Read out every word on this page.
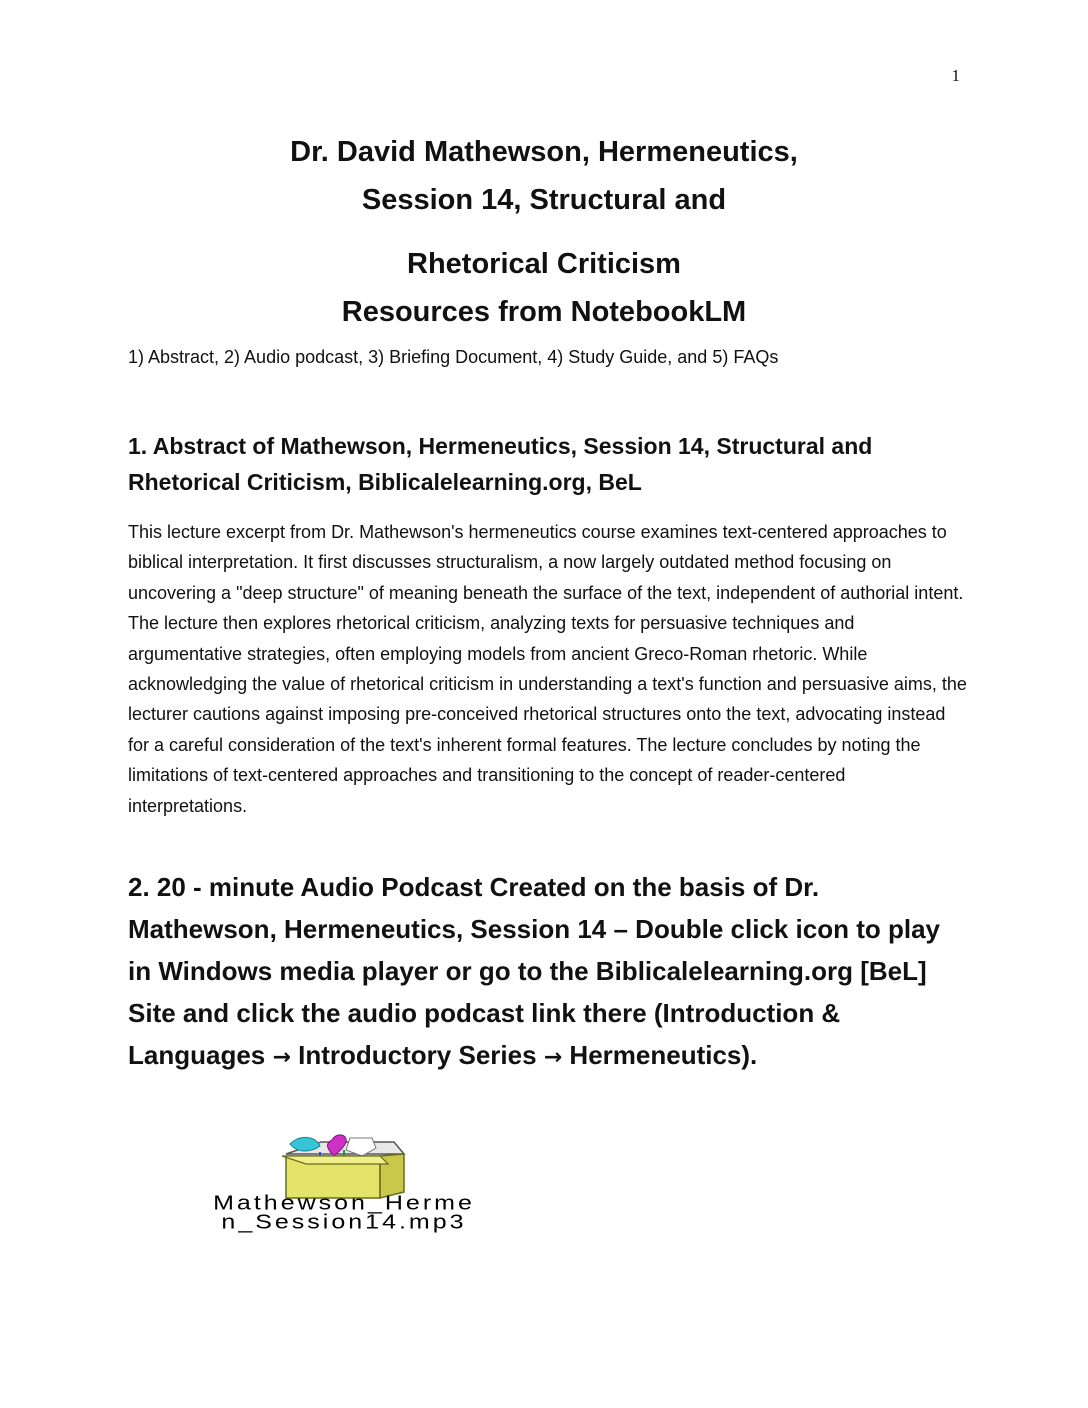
1
Dr. David Mathewson, Hermeneutics,
Session 14, Structural and
Rhetorical Criticism
Resources from NotebookLM
1) Abstract, 2) Audio podcast, 3) Briefing Document, 4) Study Guide, and 5) FAQs
1. Abstract of Mathewson, Hermeneutics, Session 14, Structural and Rhetorical Criticism, Biblicalelearning.org, BeL
This lecture excerpt from Dr. Mathewson's hermeneutics course examines text-centered approaches to biblical interpretation. It first discusses structuralism, a now largely outdated method focusing on uncovering a "deep structure" of meaning beneath the surface of the text, independent of authorial intent. The lecture then explores rhetorical criticism, analyzing texts for persuasive techniques and argumentative strategies, often employing models from ancient Greco-Roman rhetoric. While acknowledging the value of rhetorical criticism in understanding a text's function and persuasive aims, the lecturer cautions against imposing pre-conceived rhetorical structures onto the text, advocating instead for a careful consideration of the text's inherent formal features. The lecture concludes by noting the limitations of text-centered approaches and transitioning to the concept of reader-centered interpretations.
2. 20 - minute Audio Podcast Created on the basis of Dr. Mathewson, Hermeneutics, Session 14 – Double click icon to play in Windows media player or go to the Biblicalelearning.org [BeL] Site and click the audio podcast link there (Introduction & Languages → Introductory Series → Hermeneutics).
Mathewson_Herme
n_Session14.mp3
